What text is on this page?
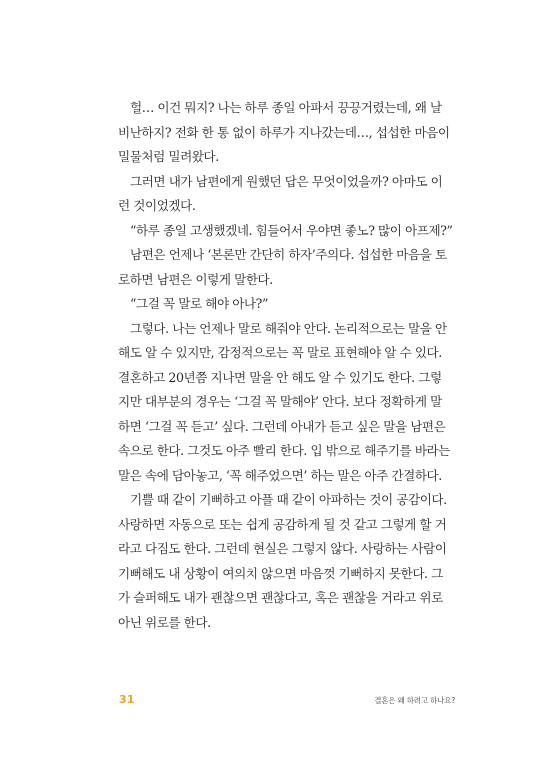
헐… 이건 뭐지? 나는 하루 종일 아파서 끙끙거렸는데, 왜 날
비난하지? 전화 한 통 없이 하루가 지나갔는데…, 섭섭한 마음이
밀물처럼 밀려왔다.
그러면 내가 남편에게 원했던 답은 무엇이었을까? 아마도 이
런 것이었겠다.
“하루 종일 고생했겠네. 힘들어서 우야면 좋노? 많이 아프제?”
남편은 언제나 ‘본론만 간단히 하자’주의다. 섭섭한 마음을 토
로하면 남편은 이렇게 말한다.
“그걸 꼭 말로 해야 아나?”
그렇다. 나는 언제나 말로 해줘야 안다. 논리적으로는 말을 안
해도 알 수 있지만, 감정적으로는 꼭 말로 표현해야 알 수 있다.
결혼하고 20년쯤 지나면 말을 안 해도 알 수 있기도 한다. 그렇
지만 대부분의 경우는 ‘그걸 꼭 말해야’ 안다. 보다 정확하게 말
하면 ‘그걸 꼭 듣고’ 싶다. 그런데 아내가 듣고 싶은 말을 남편은
속으로 한다. 그것도 아주 빨리 한다. 입 밖으로 해주기를 바라는
말은 속에 담아놓고, ‘꼭 해주었으면’ 하는 말은 아주 간결하다.
기쁠 때 같이 기뻐하고 아플 때 같이 아파하는 것이 공감이다.
사랑하면 자동으로 또는 쉽게 공감하게 될 것 같고 그렇게 할 거
라고 다짐도 한다. 그런데 현실은 그렇지 않다. 사랑하는 사람이
기뻐해도 내 상황이 여의치 않으면 마음껏 기뻐하지 못한다. 그
가 슬퍼해도 내가 괜찮으면 괜찮다고, 혹은 괜찮을 거라고 위로
아닌 위로를 한다.
31	결혼은 왜 하려고 하나요?
